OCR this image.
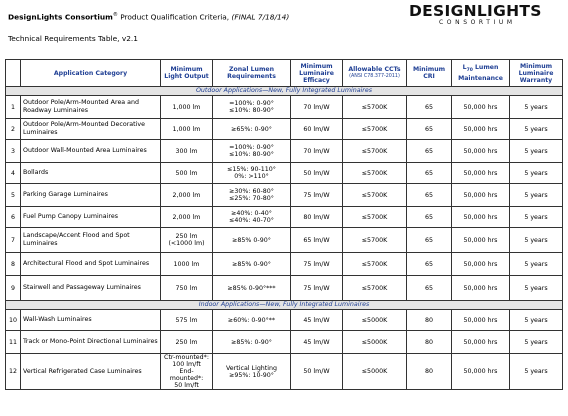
DesignLights Consortium® Product Qualification Criteria, (FINAL 7/18/14)
Technical Requirements Table, v2.1
DESIGNLIGHTS
CONSORTIUM
	Application Category	Minimum Light Output	Zonal Lumen Requirements	Minimum Luminaire Efficacy	Allowable CCTs
(ANSI C78.377-2011)	Minimum CRI	$L_{70}$ Lumen Maintenance	Minimum Luminaire Warranty
Outdoor Applications—New, Fully Integrated Luminaires								
1	Outdoor Pole/Arm-Mounted Area and Roadway Luminaires	1,000 lm	=100%: 0-90°
≤10%: 80-90°	70 lm/W	≤5700K	65	50,000 hrs	5 years
2	Outdoor Pole/Arm-Mounted Decorative Luminaires	1,000 lm	≥65%: 0-90°	60 lm/W	≤5700K	65	50,000 hrs	5 years
3	Outdoor Wall-Mounted Area Luminaires	300 lm	=100%: 0-90°
≤10%: 80-90°	70 lm/W	≤5700K	65	50,000 hrs	5 years
4	Bollards	500 lm	≤15%: 90-110°
0%: >110°	50 lm/W	≤5700K	65	50,000 hrs	5 years
5	Parking Garage Luminaires	2,000 lm	≥30%: 60-80°
≤25%: 70-80°	75 lm/W	≤5700K	65	50,000 hrs	5 years
6	Fuel Pump Canopy Luminaires	2,000 lm	≥40%: 0-40°
≤40%: 40-70°	80 lm/W	≤5700K	65	50,000 hrs	5 years
7	Landscape/Accent Flood and Spot Luminaires	250 lm
(<1000 lm)	≥85% 0-90°	65 lm/W	≤5700K	65	50,000 hrs	5 years
8	Architectural Flood and Spot Luminaires	1000 lm	≥85% 0-90°	75 lm/W	≤5700K	65	50,000 hrs	5 years
9	Stairwell and Passageway Luminaires	750 lm	≥85% 0-90°***	75 lm/W	≤5700K	65	50,000 hrs	5 years
Indoor Applications—New, Fully Integrated Luminaires								
10	Wall-Wash Luminaires	575 lm	≥60%: 0-90°**	45 lm/W	≤5000K	80	50,000 hrs	5 years
11	Track or Mono-Point Directional Luminaires	250 lm	≥85%: 0-90°	45 lm/W	≤5000K	80	50,000 hrs	5 years
12	Vertical Refrigerated Case Luminaires	Ctr-mounted*:
100 lm/ft
End-mounted*:
50 lm/ft	Vertical Lighting
≥95%: 10-90°	50 lm/W	≤5000K	80	50,000 hrs	5 years
